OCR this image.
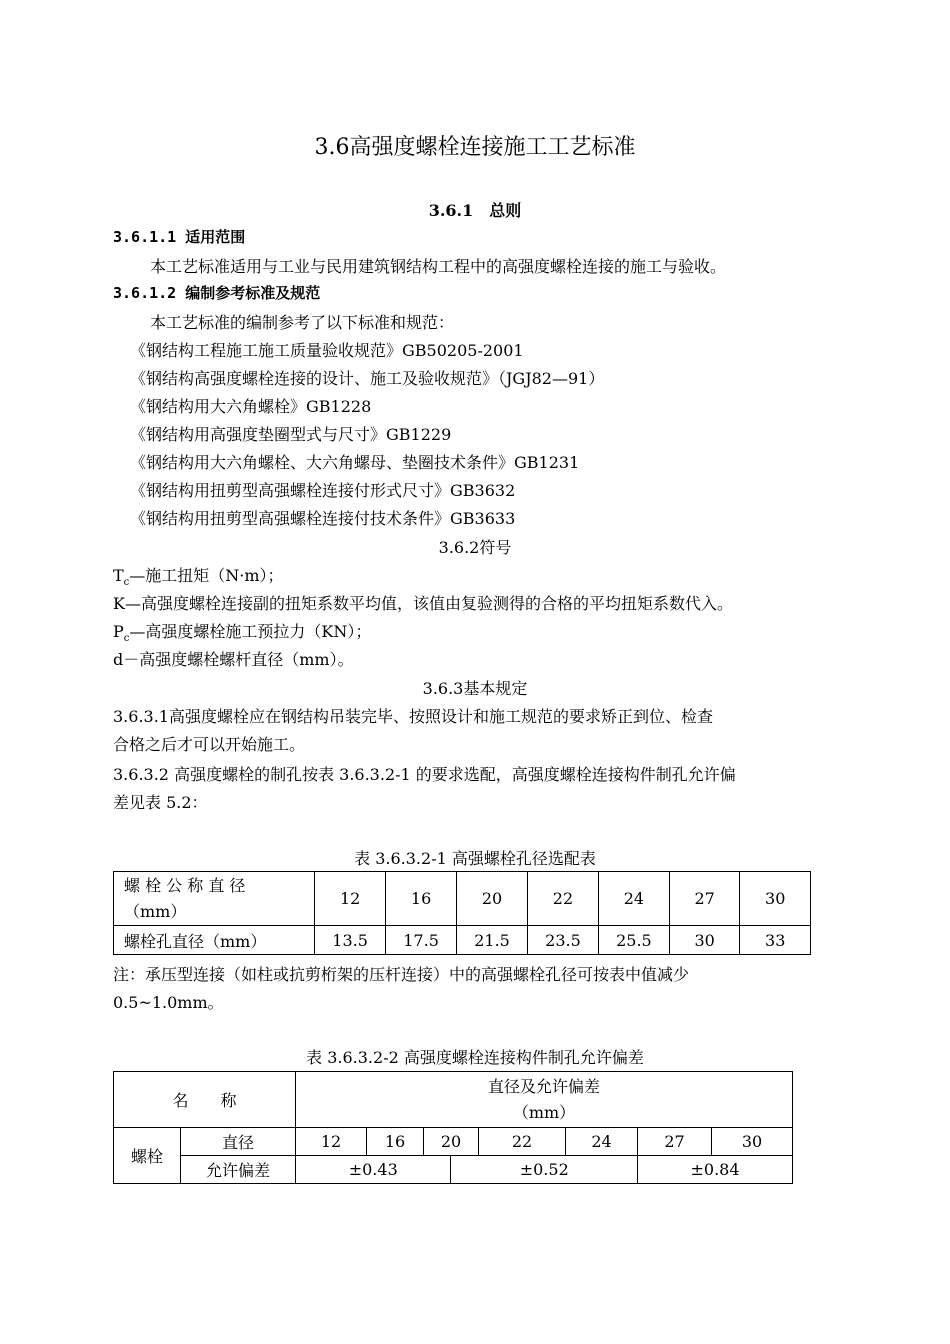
3.6高强度螺栓连接施工工艺标准
3.6.1　总则
3.6.1.1 适用范围
本工艺标准适用与工业与民用建筑钢结构工程中的高强度螺栓连接的施工与验收。
3.6.1.2 编制参考标准及规范
本工艺标准的编制参考了以下标准和规范：
《钢结构工程施工施工质量验收规范》GB50205-2001
《钢结构高强度螺栓连接的设计、施工及验收规范》（JGJ82—91）
《钢结构用大六角螺栓》GB1228
《钢结构用高强度垫圈型式与尺寸》GB1229
《钢结构用大六角螺栓、大六角螺母、垫圈技术条件》GB1231
《钢结构用扭剪型高强螺栓连接付形式尺寸》GB3632
《钢结构用扭剪型高强螺栓连接付技术条件》GB3633
3.6.2符号
$T_c—$施工扭矩（N·m）；
K—高强度螺栓连接副的扭矩系数平均值，该值由复验测得的合格的平均扭矩系数代入。
$P_c—$高强度螺栓施工预拉力（KN）；
d－高强度螺栓螺杆直径（mm）。
3.6.3基本规定
3.6.3.1高强度螺栓应在钢结构吊装完毕、按照设计和施工规范的要求矫正到位、检查
合格之后才可以开始施工。
3.6.3.2 高强度螺栓的制孔按表 3.6.3.2-1 的要求选配，高强度螺栓连接构件制孔允许偏
差见表 5.2：
表 3.6.3.2-1 高强螺栓孔径选配表
螺 栓 公 称 直 径
（mm）	12	16	20	22	24	27	30
螺栓孔直径（mm）	13.5	17.5	21.5	23.5	25.5	30	33
注：承压型连接（如柱或抗剪桁架的压杆连接）中的高强螺栓孔径可按表中值减少
0.5~1.0mm。
表 3.6.3.2-2 高强度螺栓连接构件制孔允许偏差
名　　称		直径及允许偏差
（mm）							

螺栓	直径	12	16	20		22	24	27	30
	允许偏差	±0.43			±0.52			±0.84	
